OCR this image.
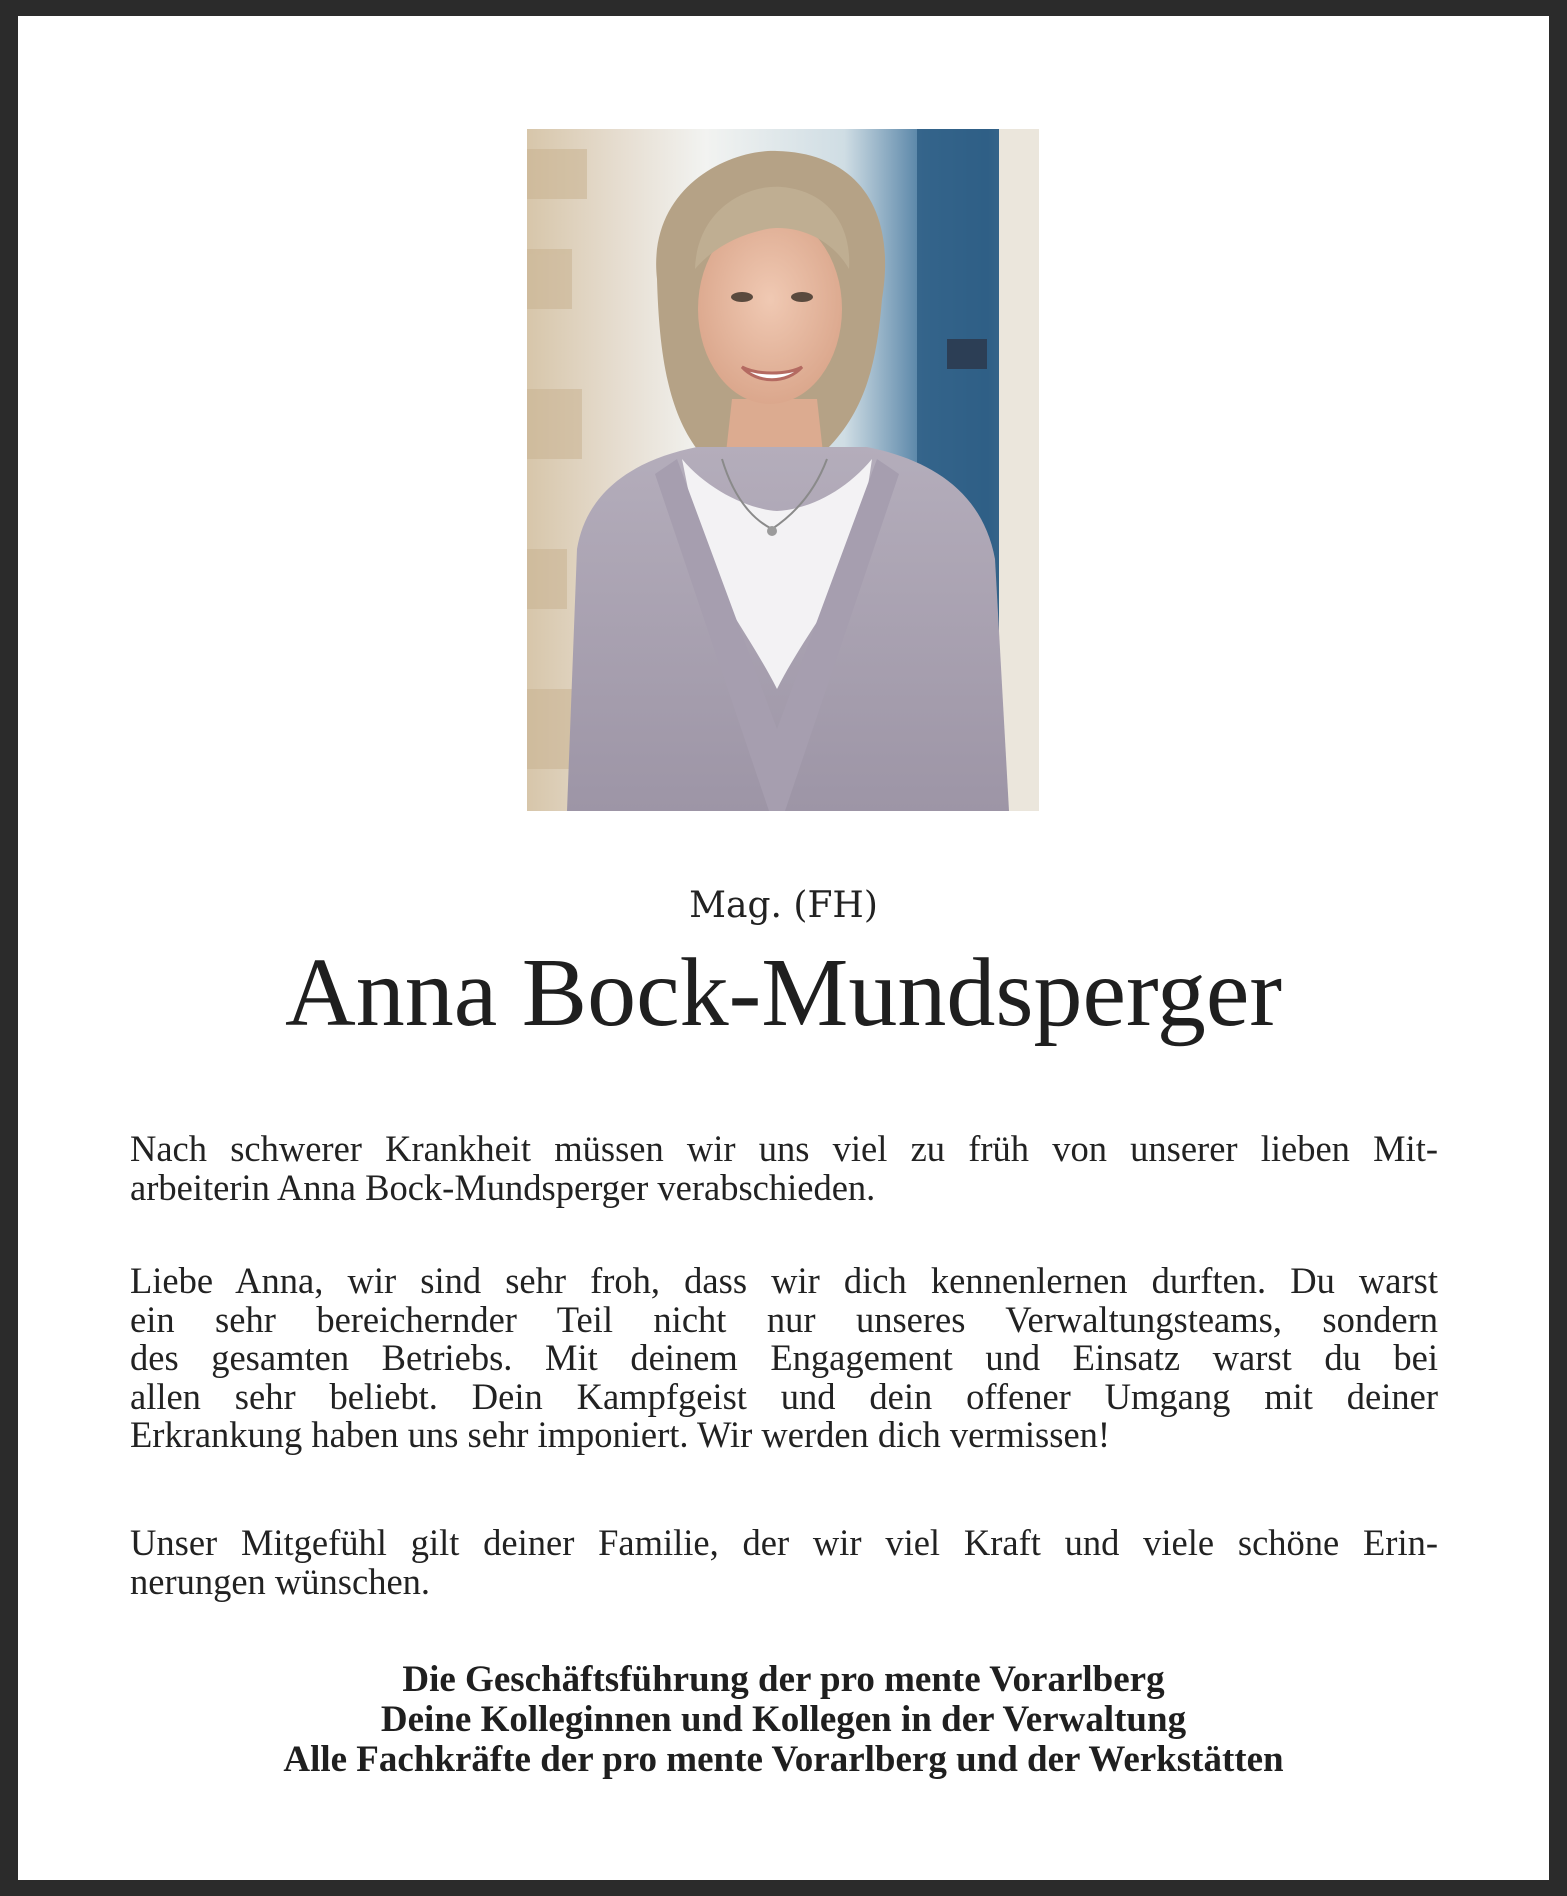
Mag. (FH)
Anna Bock-Mundsperger
Nach schwerer Krankheit müssen wir uns viel zu früh von unserer lieben Mit-
arbeiterin Anna Bock-Mundsperger verabschieden.
Liebe Anna, wir sind sehr froh, dass wir dich kennenlernen durften. Du warst
ein sehr bereichernder Teil nicht nur unseres Verwaltungsteams, sondern
des gesamten Betriebs. Mit deinem Engagement und Einsatz warst du bei
allen sehr beliebt. Dein Kampfgeist und dein offener Umgang mit deiner
Erkrankung haben uns sehr imponiert. Wir werden dich vermissen!
Unser Mitgefühl gilt deiner Familie, der wir viel Kraft und viele schöne Erin-
nerungen wünschen.
Die Geschäftsführung der pro mente Vorarlberg
Deine Kolleginnen und Kollegen in der Verwaltung
Alle Fachkräfte der pro mente Vorarlberg und der Werkstätten
